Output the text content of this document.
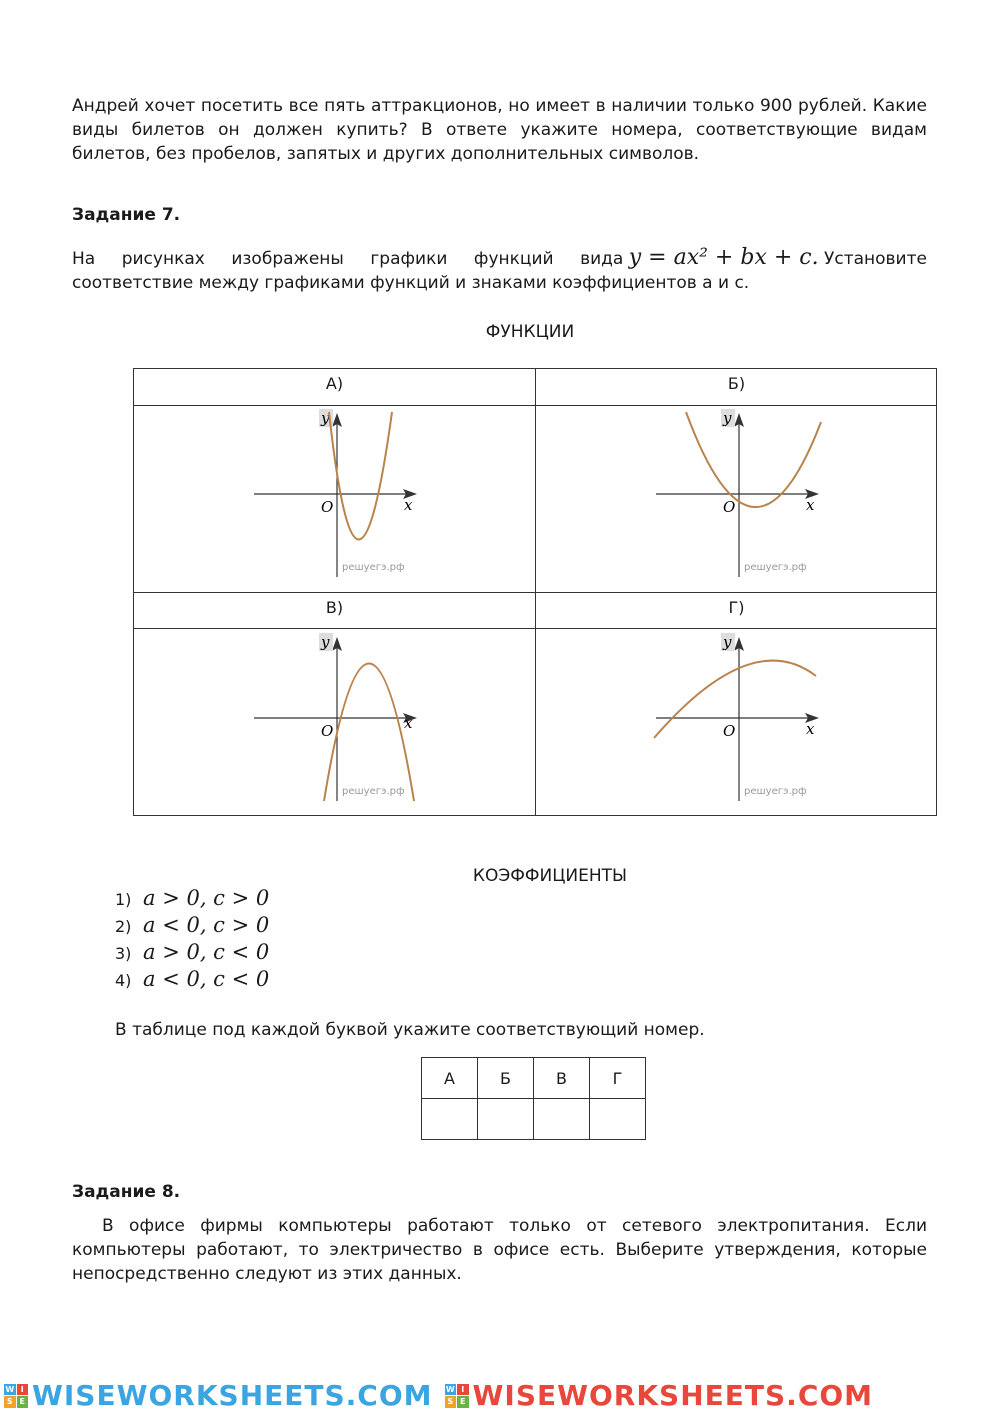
Андрей хочет посетить все пять аттракционов, но имеет в наличии только 900 рублей. Какие виды билетов он должен купить? В ответе укажите номера, соответствующие видам билетов, без пробелов, запятых и других дополнительных символов.
Задание 7.
На рисунках изображены графики функций вида y = ax² + bx + c. Установите
соответствие между графиками функций и знаками коэффициентов a и c.
ФУНКЦИИ
А)	Б)
В)	Г)
y
O	x
решуегэ.рф
y
O	x
решуегэ.рф
y
O	x
решуегэ.рф
y
O	x
решуегэ.рф
КОЭФФИЦИЕНТЫ
1) a > 0, c > 0
2) a < 0, c > 0
3) a > 0, c < 0
4) a < 0, c < 0
В таблице под каждой буквой укажите соответствующий номер.
А	Б	В	Г

Задание 8.
В офисе фирмы компьютеры работают только от сетевого электропитания. Если компьютеры работают, то электричество в офисе есть. Выберите утверждения, которые непосредственно следуют из этих данных.
W I
S E WISEWORKSHEETS.COM W I
S E WISEWORKSHEETS.COM
